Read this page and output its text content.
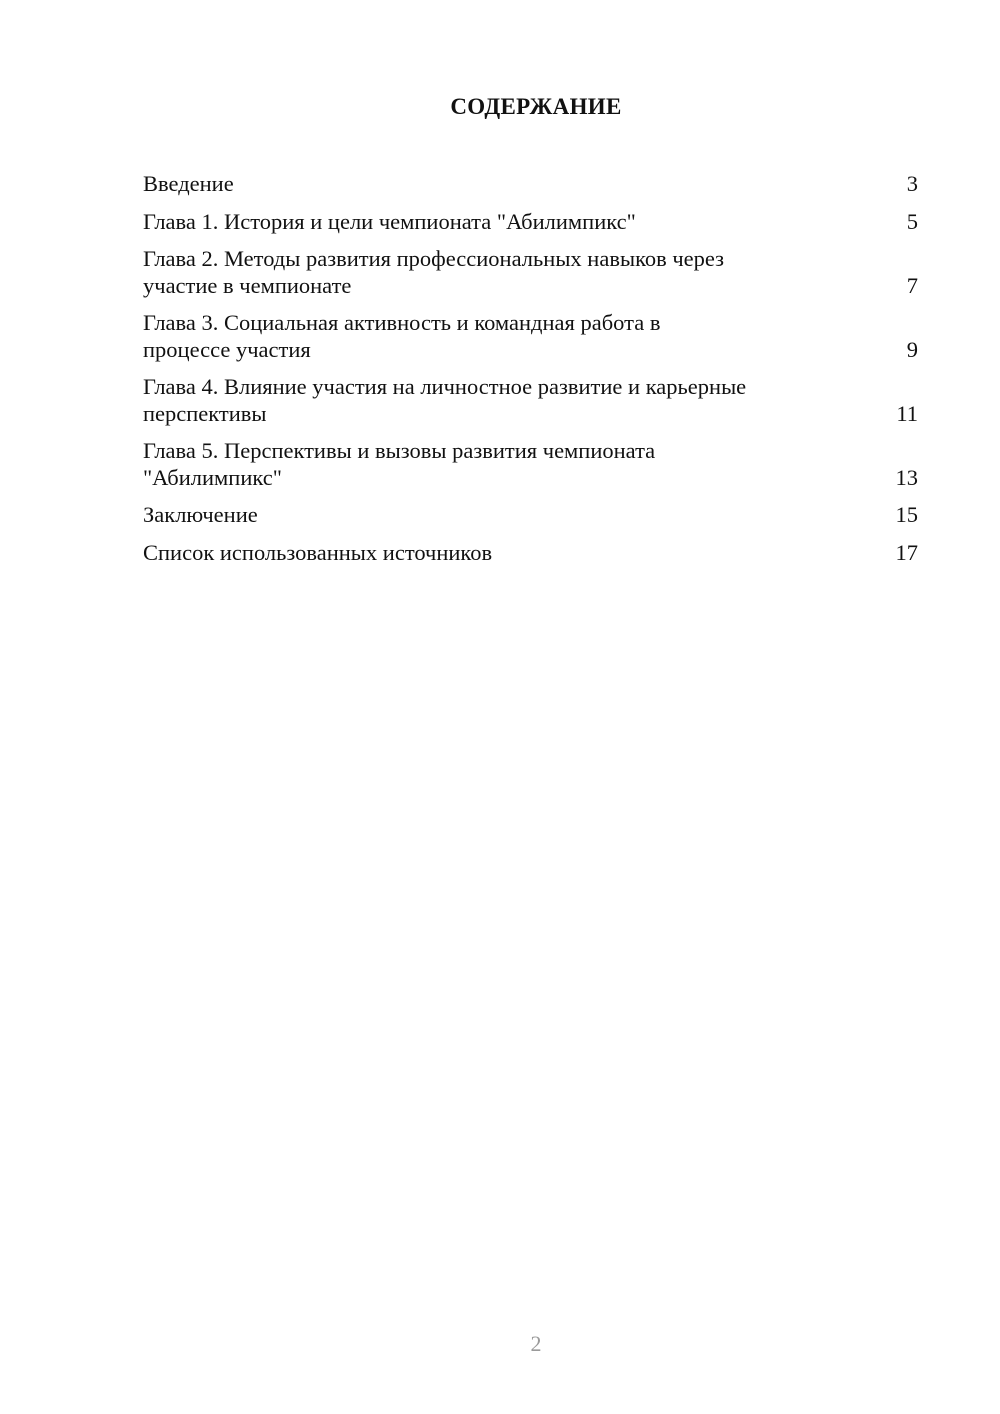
СОДЕРЖАНИЕ
Введение	3
Глава 1. История и цели чемпионата "Абилимпикс"	5
Глава 2. Методы развития профессиональных навыков через участие в чемпионате	7
Глава 3. Социальная активность и командная работа в процессе участия	9
Глава 4. Влияние участия на личностное развитие и карьерные перспективы	11
Глава 5. Перспективы и вызовы развития чемпионата "Абилимпикс"	13
Заключение	15
Список использованных источников	17
2
